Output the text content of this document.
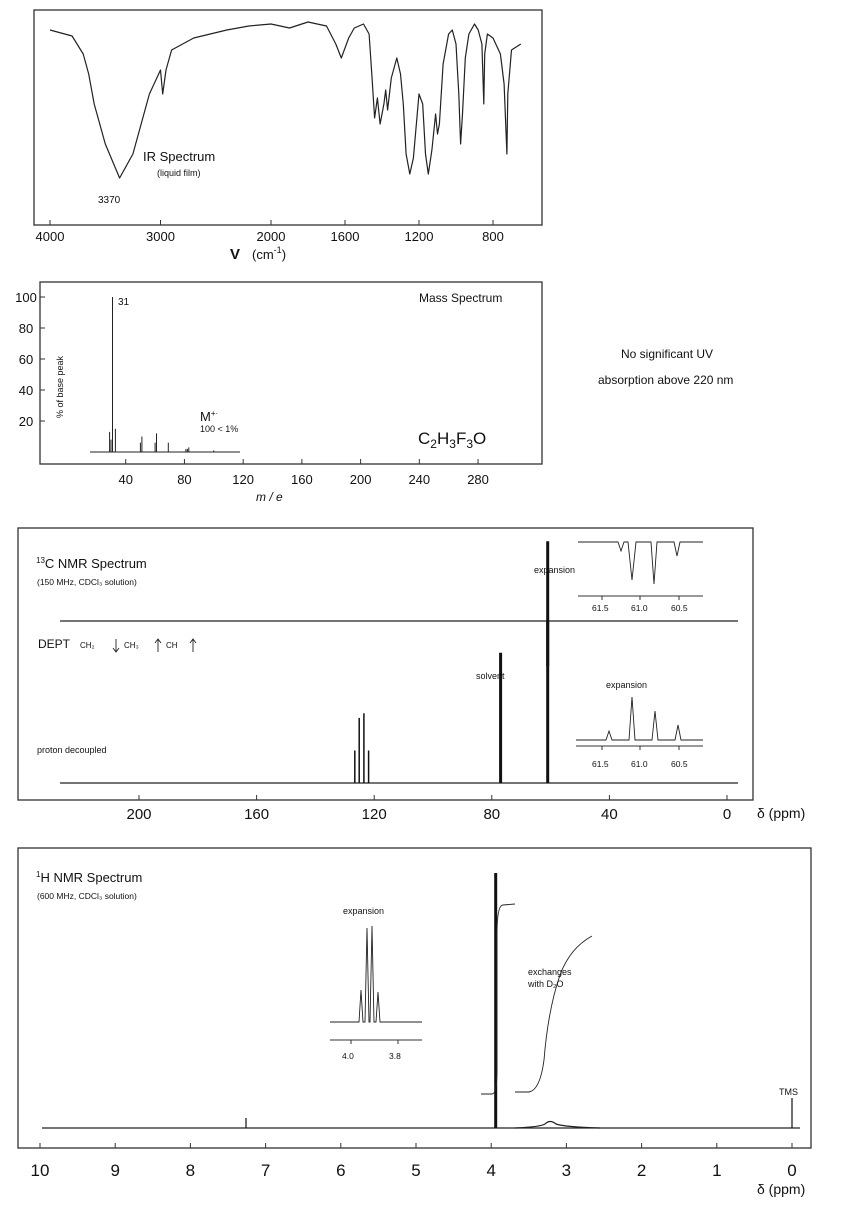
IR Spectrum
(liquid film)
3370
4000	3000	2000	1600	1200	800
V $(cm^{-1})$
Mass Spectrum
100
80
60
40
20
% of base peak
31
M+·
100 < 1%	$C_2H_3F_3O$
40	80	120	160	200	240	280
m / e
No significant UV
absorption above 220 nm
$^{13}$C NMR Spectrum
(150 MHz, CDCl₃ solution)
DEPT CH₂	CH₃	CH
expansion
61.5	61.0	60.5
proton decoupled
solvent
expansion
61.5	61.0	60.5
200	160	120	80	40	0 δ (ppm)
$^1$H NMR Spectrum
(600 MHz, CDCl₃ solution)
expansion
4.0	3.8
exchanges
with D₂O
TMS
10	9	8	7	6	5	4	3	2	1	0
δ (ppm)
